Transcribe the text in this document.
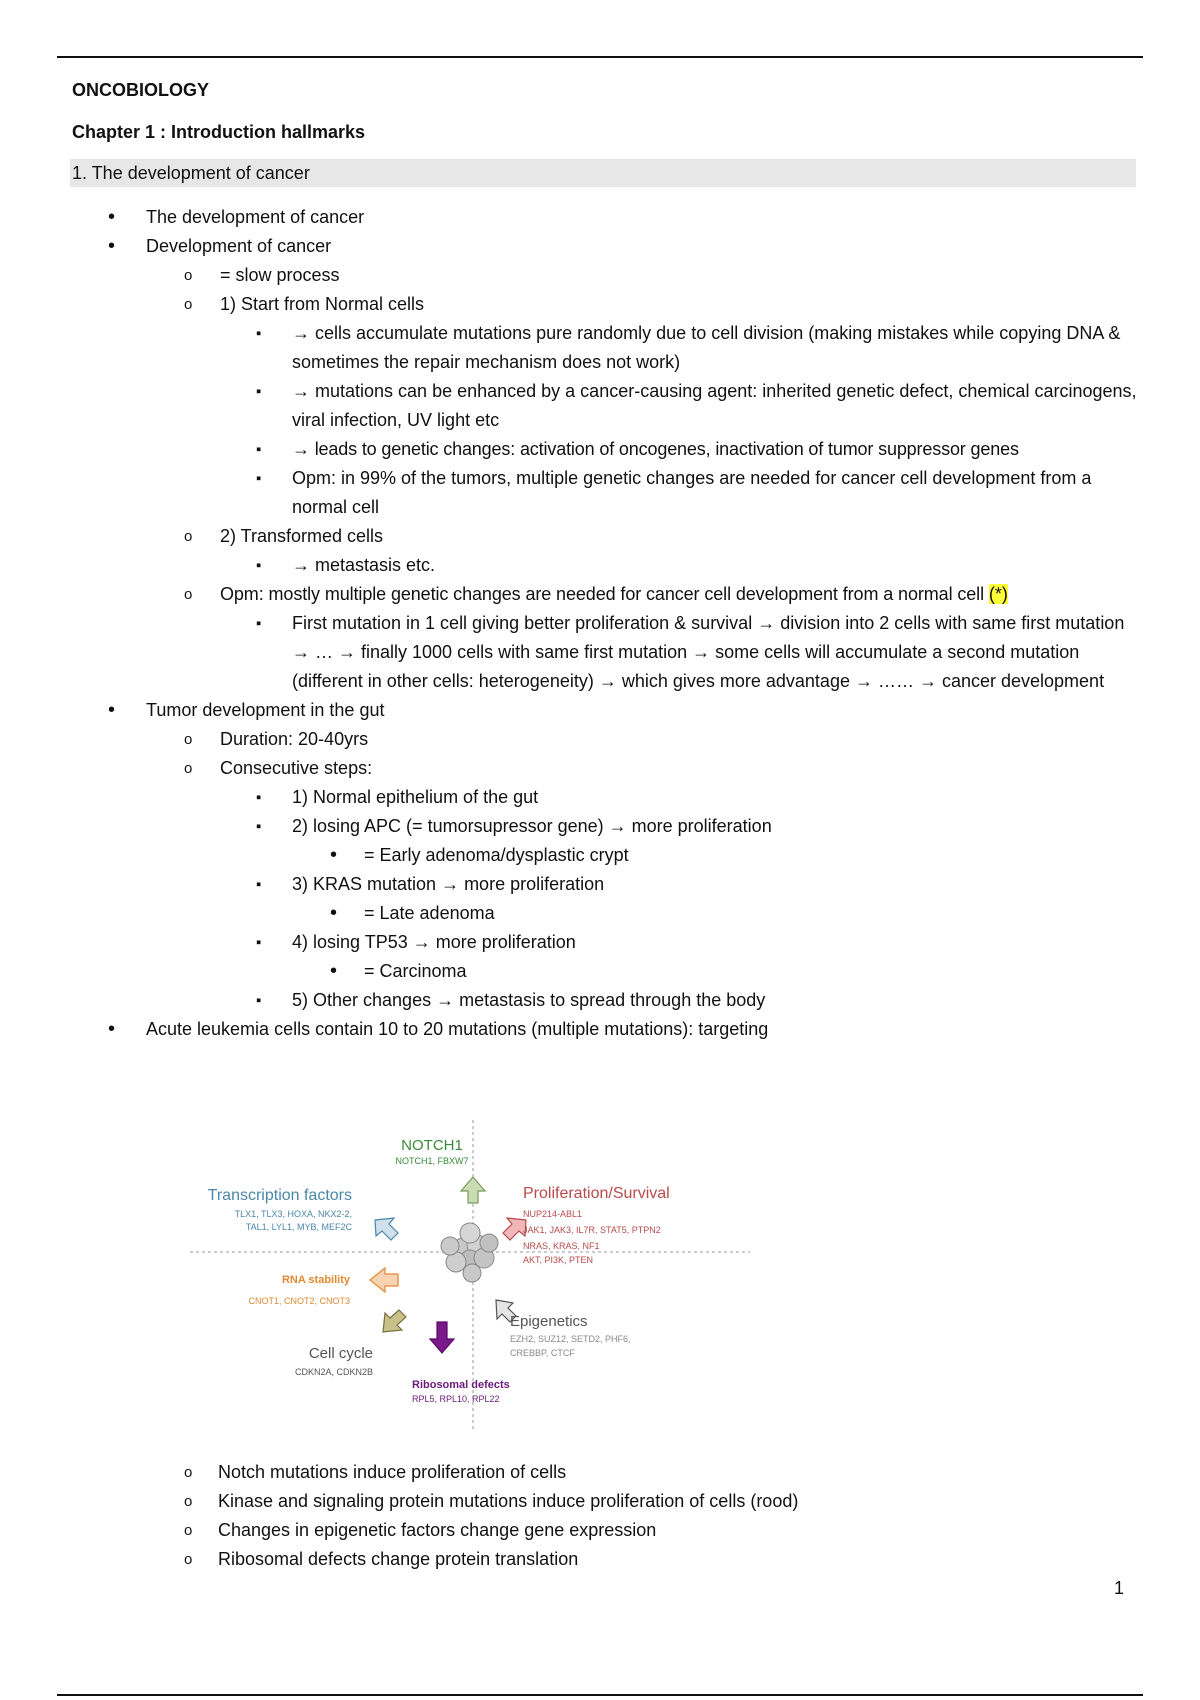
ONCOBIOLOGY
Chapter 1 : Introduction hallmarks
1. The development of cancer
• The development of cancer
• Development of cancer
o = slow process
o 1) Start from Normal cells
▪ → cells accumulate mutations pure randomly due to cell division (making mistakes while copying DNA & sometimes the repair mechanism does not work)
▪ → mutations can be enhanced by a cancer-causing agent: inherited genetic defect, chemical carcinogens, viral infection, UV light etc
▪ → leads to genetic changes: activation of oncogenes, inactivation of tumor suppressor genes
▪ Opm: in 99% of the tumors, multiple genetic changes are needed for cancer cell development from a normal cell
o 2) Transformed cells
▪ → metastasis etc.
o Opm: mostly multiple genetic changes are needed for cancer cell development from a normal cell (*)
▪ First mutation in 1 cell giving better proliferation & survival → division into 2 cells with same first mutation → … → finally 1000 cells with same first mutation → some cells will accumulate a second mutation (different in other cells: heterogeneity) → which gives more advantage → …… → cancer development
• Tumor development in the gut
o Duration: 20-40yrs
o Consecutive steps:
▪ 1) Normal epithelium of the gut
▪ 2) losing APC (= tumorsupressor gene) → more proliferation
• = Early adenoma/dysplastic crypt
▪ 3) KRAS mutation → more proliferation
• = Late adenoma
▪ 4) losing TP53 → more proliferation
• = Carcinoma
▪ 5) Other changes → metastasis to spread through the body
• Acute leukemia cells contain 10 to 20 mutations (multiple mutations): targeting
NOTCH1
NOTCH1, FBXW7
Transcription factors
TLX1, TLX3, HOXA, NKX2-2,
TAL1, LYL1, MYB, MEF2C
Proliferation/Survival
NUP214-ABL1
JAK1, JAK3, IL7R, STAT5, PTPN2
NRAS, KRAS, NF1
AKT, PI3K, PTEN
RNA stability
CNOT1, CNOT2, CNOT3
Epigenetics
EZH2, SUZ12, SETD2, PHF6,
CREBBP, CTCF
Cell cycle
CDKN2A, CDKN2B
Ribosomal defects
RPL5, RPL10, RPL22
o Notch mutations induce proliferation of cells
o Kinase and signaling protein mutations induce proliferation of cells (rood)
o Changes in epigenetic factors change gene expression
o Ribosomal defects change protein translation
1
